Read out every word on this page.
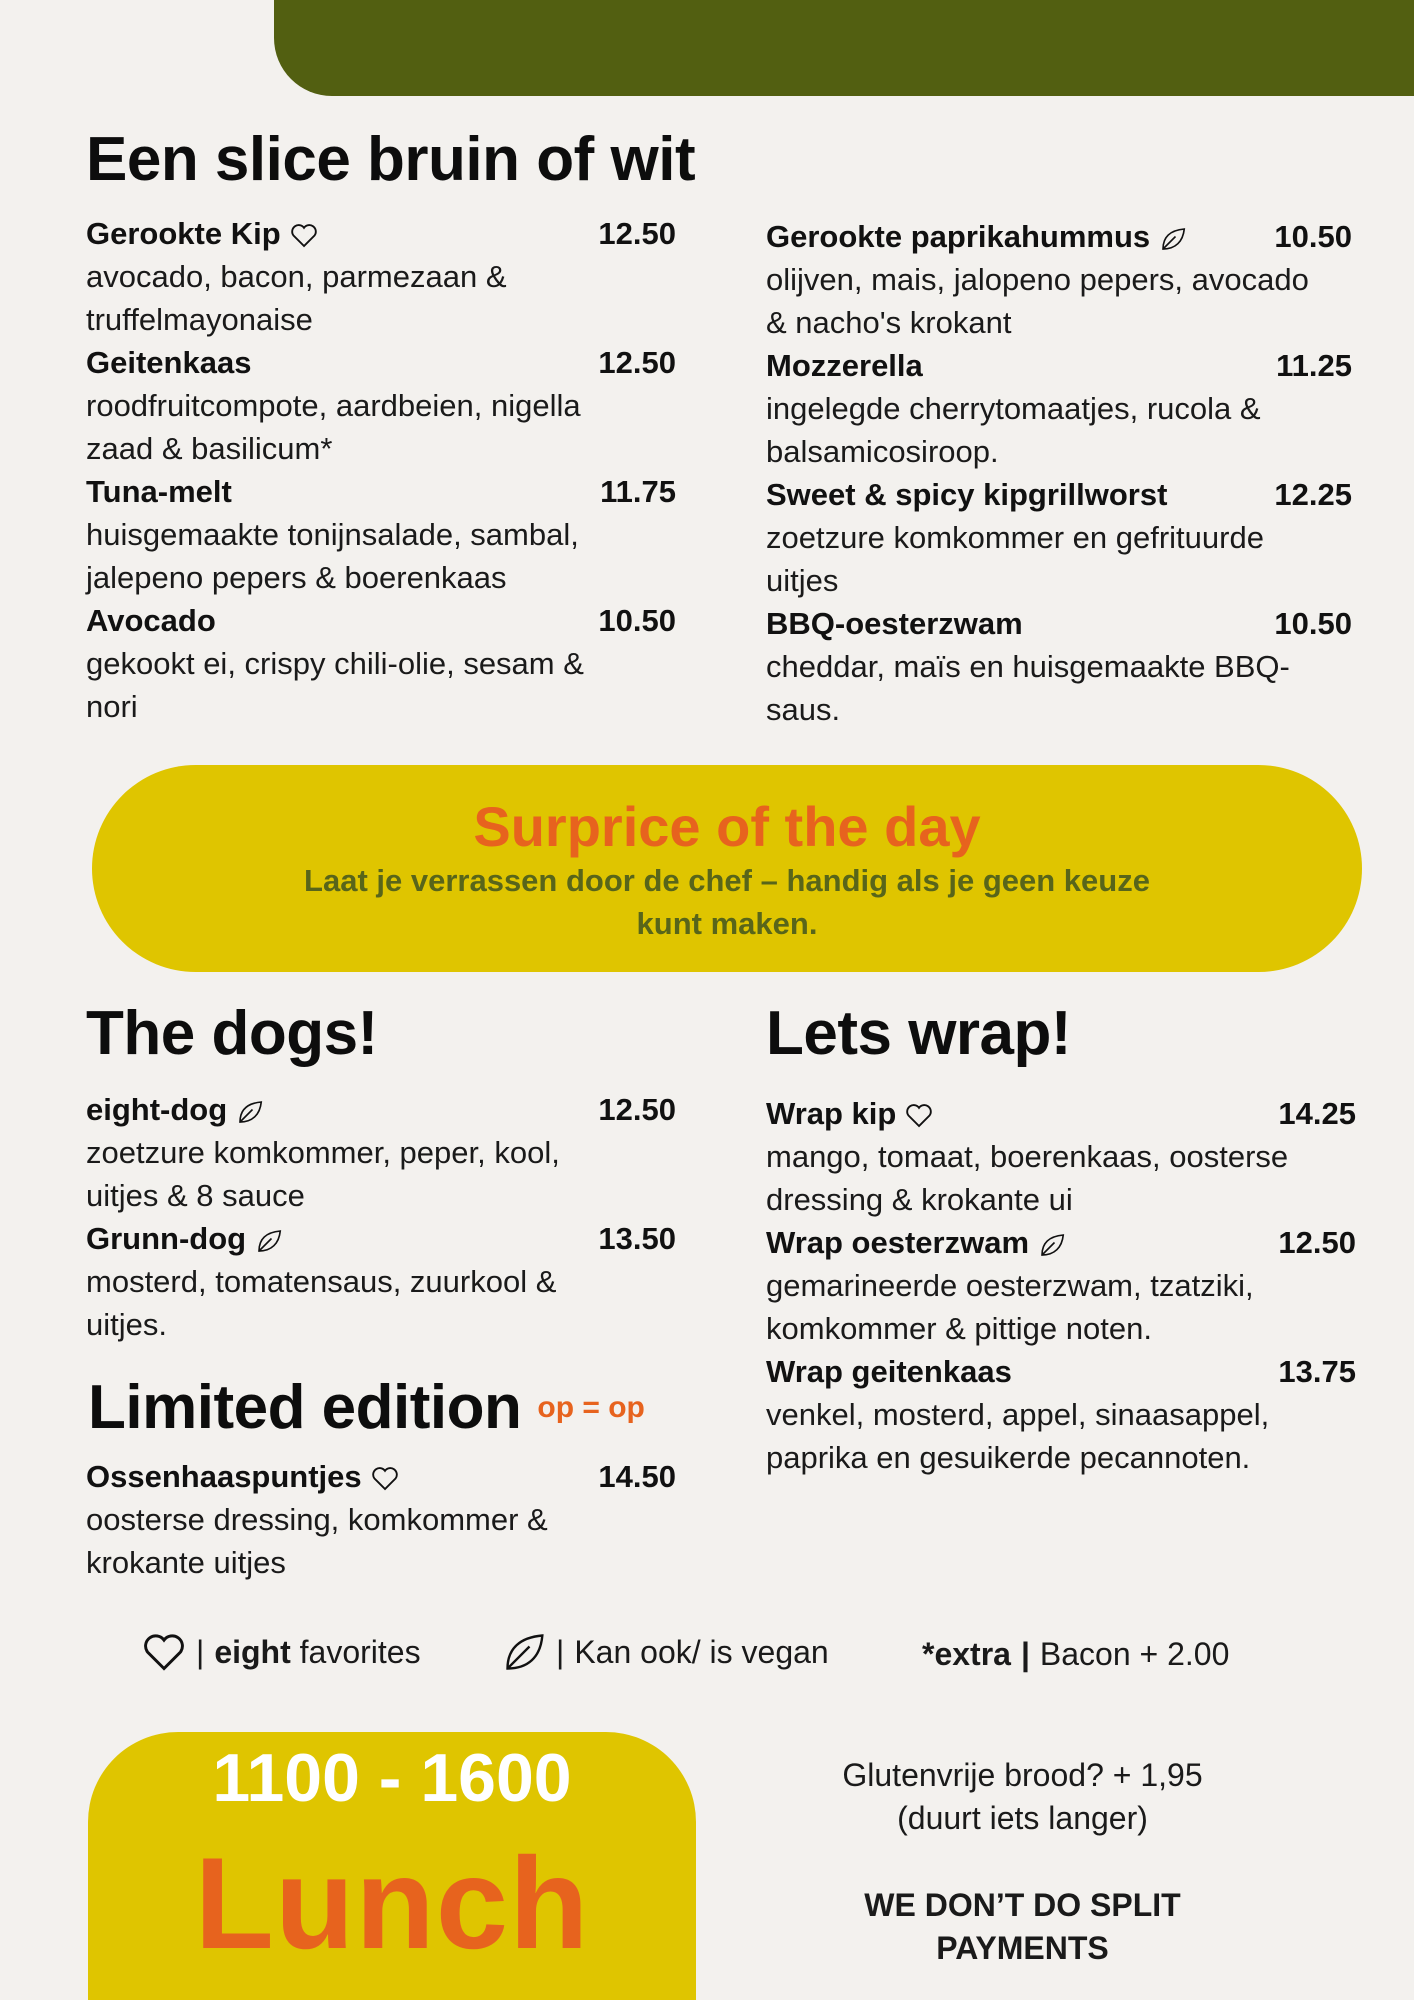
Een slice bruin of wit
Gerookte Kip	12.50
avocado, bacon, parmezaan &
truffelmayonaise
Geitenkaas	12.50
roodfruitcompote, aardbeien, nigella
zaad & basilicum*
Tuna-melt	11.75
huisgemaakte tonijnsalade, sambal,
jalepeno pepers & boerenkaas
Avocado	10.50
gekookt ei, crispy chili-olie, sesam &
nori
Gerookte paprikahummus	10.50
olijven, mais, jalopeno pepers, avocado
& nacho's krokant
Mozzerella	11.25
ingelegde cherrytomaatjes, rucola &
balsamicosiroop.
Sweet & spicy kipgrillworst	12.25
zoetzure komkommer en gefrituurde
uitjes
BBQ-oesterzwam	10.50
cheddar, maïs en huisgemaakte BBQ-
saus.
Surprice of the day
Laat je verrassen door de chef – handig als je geen keuze
kunt maken.
The dogs!
eight-dog	12.50
zoetzure komkommer, peper, kool,
uitjes & 8 sauce
Grunn-dog	13.50
mosterd, tomatensaus, zuurkool &
uitjes.
Limited edition op = op
Ossenhaaspuntjes	14.50
oosterse dressing, komkommer &
krokante uitjes
Lets wrap!
Wrap kip	14.25
mango, tomaat, boerenkaas, oosterse
dressing & krokante ui
Wrap oesterzwam	12.50
gemarineerde oesterzwam, tzatziki,
komkommer & pittige noten.
Wrap geitenkaas	13.75
venkel, mosterd, appel, sinaasappel,
paprika en gesuikerde pecannoten.
| eight favorites	| Kan ook/ is vegan	*extra | Bacon + 2.00
1100 - 1600
Lunch
Glutenvrije brood? + 1,95
(duurt iets langer)
WE DON’T DO SPLIT
PAYMENTS
